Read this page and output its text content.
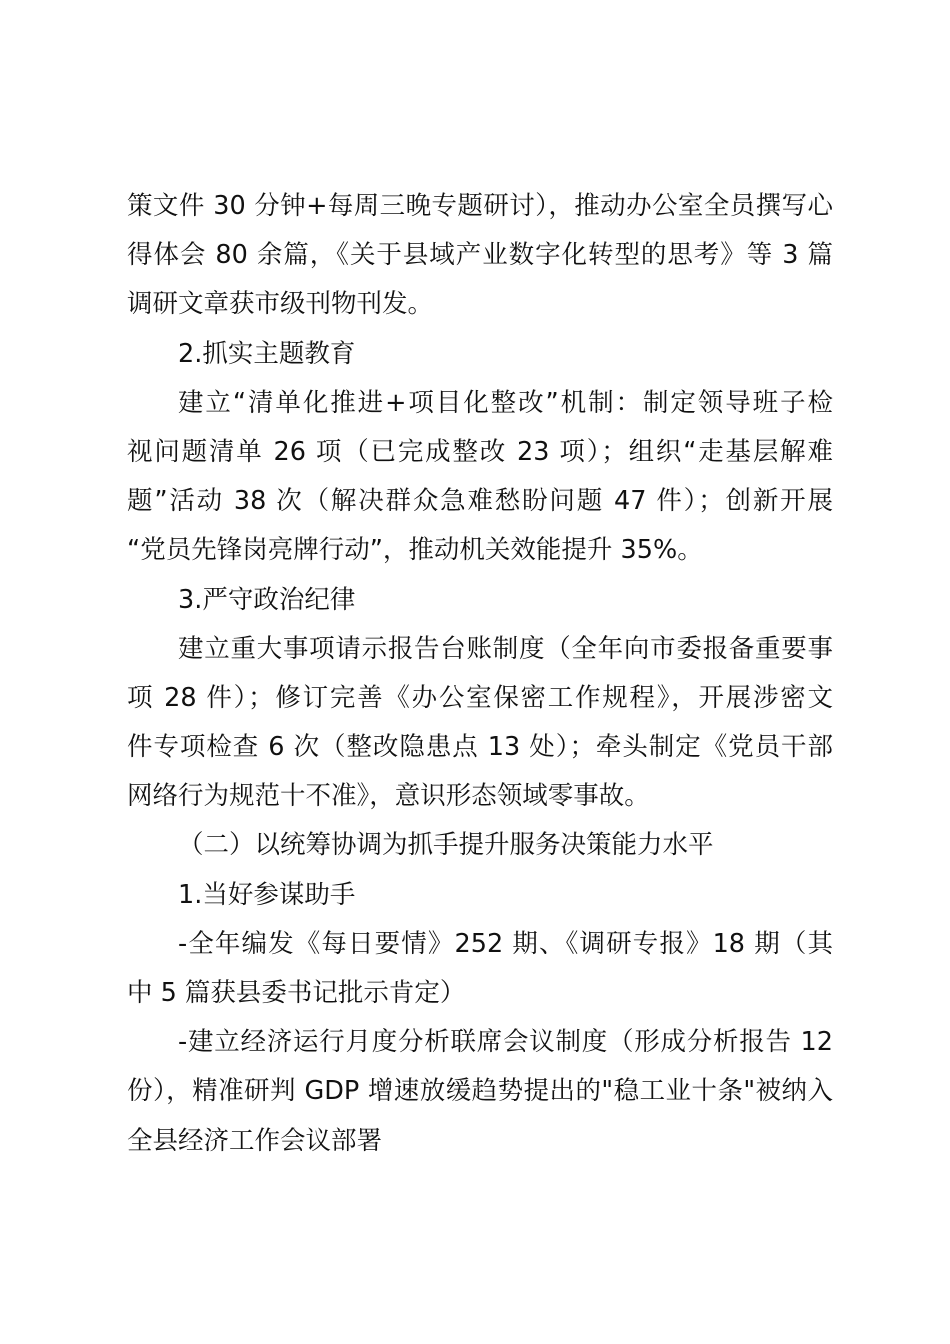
策文件 30 分钟+每周三晚专题研讨），推动办公室全员撰写心
得体会 80 余篇，《关于县域产业数字化转型的思考》等 3 篇
调研文章获市级刊物刊发。
2.抓实主题教育
建立“清单化推进+项目化整改”机制：制定领导班子检
视问题清单 26 项（已完成整改 23 项）；组织“走基层解难
题”活动 38 次（解决群众急难愁盼问题 47 件）；创新开展
“党员先锋岗亮牌行动”，推动机关效能提升 35%。
3.严守政治纪律
建立重大事项请示报告台账制度（全年向市委报备重要事
项 28 件）；修订完善《办公室保密工作规程》，开展涉密文
件专项检查 6 次（整改隐患点 13 处）；牵头制定《党员干部
网络行为规范十不准》，意识形态领域零事故。
（二）以统筹协调为抓手提升服务决策能力水平
1.当好参谋助手
-全年编发《每日要情》252 期、《调研专报》18 期（其
中 5 篇获县委书记批示肯定）
-建立经济运行月度分析联席会议制度（形成分析报告 12
份），精准研判 GDP 增速放缓趋势提出的"稳工业十条"被纳入
全县经济工作会议部署
